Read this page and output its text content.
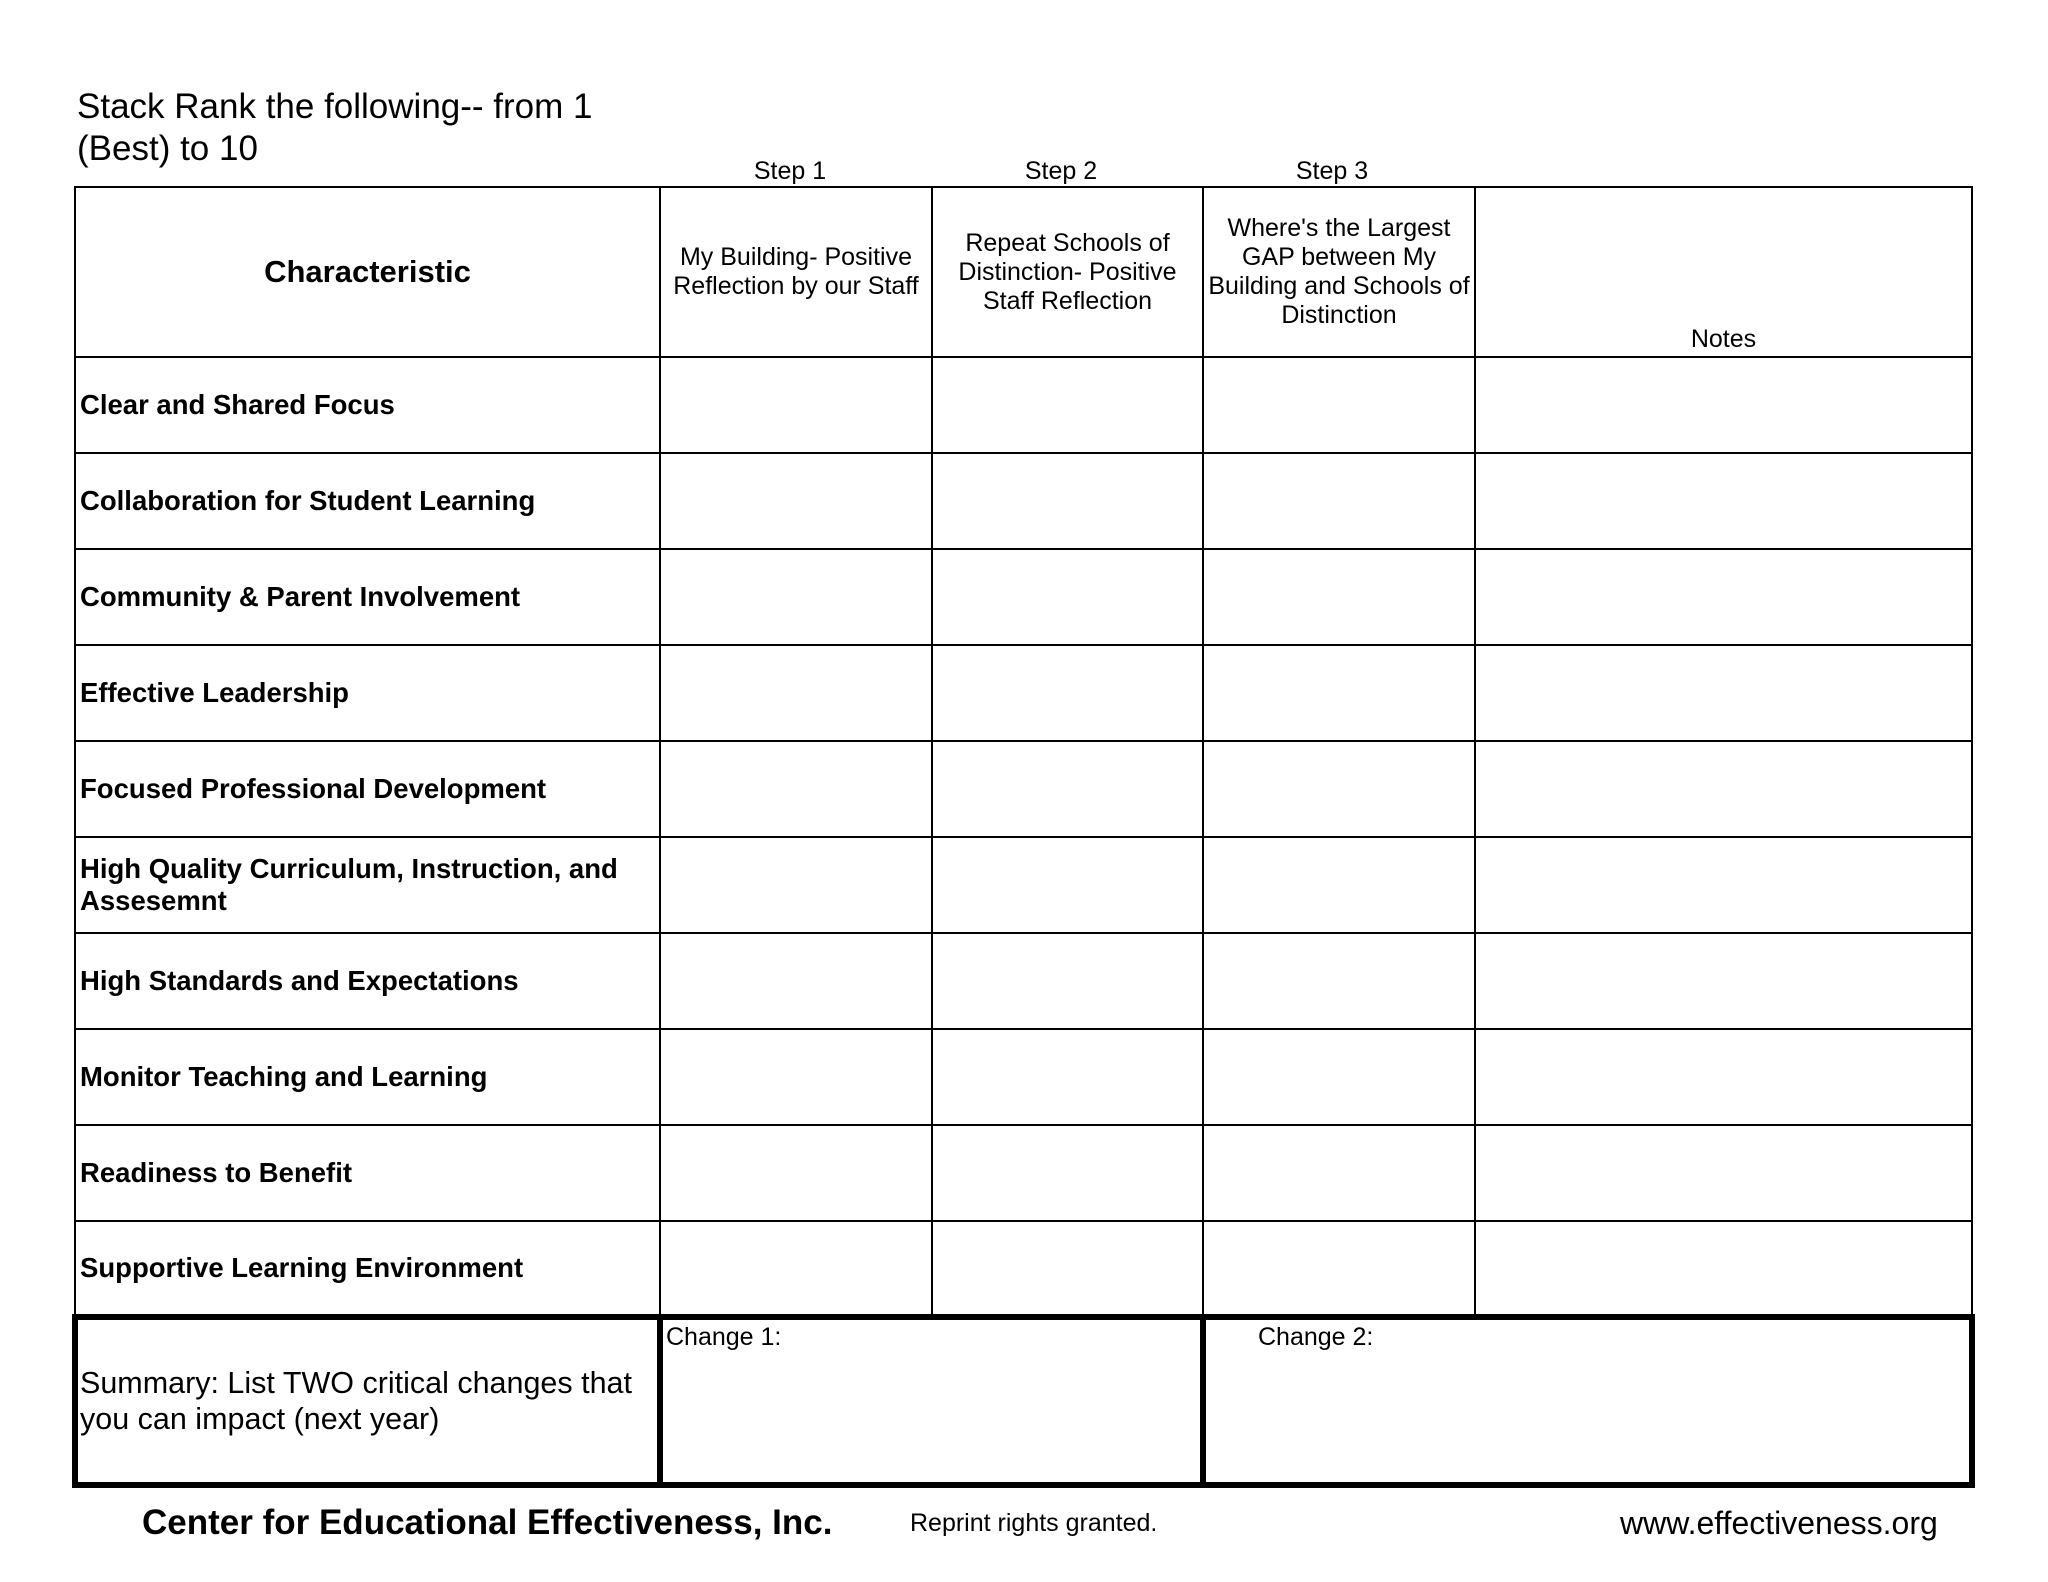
Stack Rank the following-- from 1
(Best) to 10
Step 1	Step 2	Step 3
Characteristic	My Building- Positive Reflection by our Staff	Repeat Schools of Distinction- Positive Staff Reflection	Where's the Largest GAP between My Building and Schools of Distinction	Notes
Clear and Shared Focus				
Collaboration for Student Learning				
Community & Parent Involvement				
Effective Leadership				
Focused Professional Development				
High Quality Curriculum, Instruction, and Assesemnt				
High Standards and Expectations				
Monitor Teaching and Learning				
Readiness to Benefit				
Supportive Learning Environment				
Summary: List TWO critical changes that you can impact (next year)	Change 1:		Change 2:	
Center for Educational Effectiveness, Inc.	Reprint rights granted.	www.effectiveness.org
